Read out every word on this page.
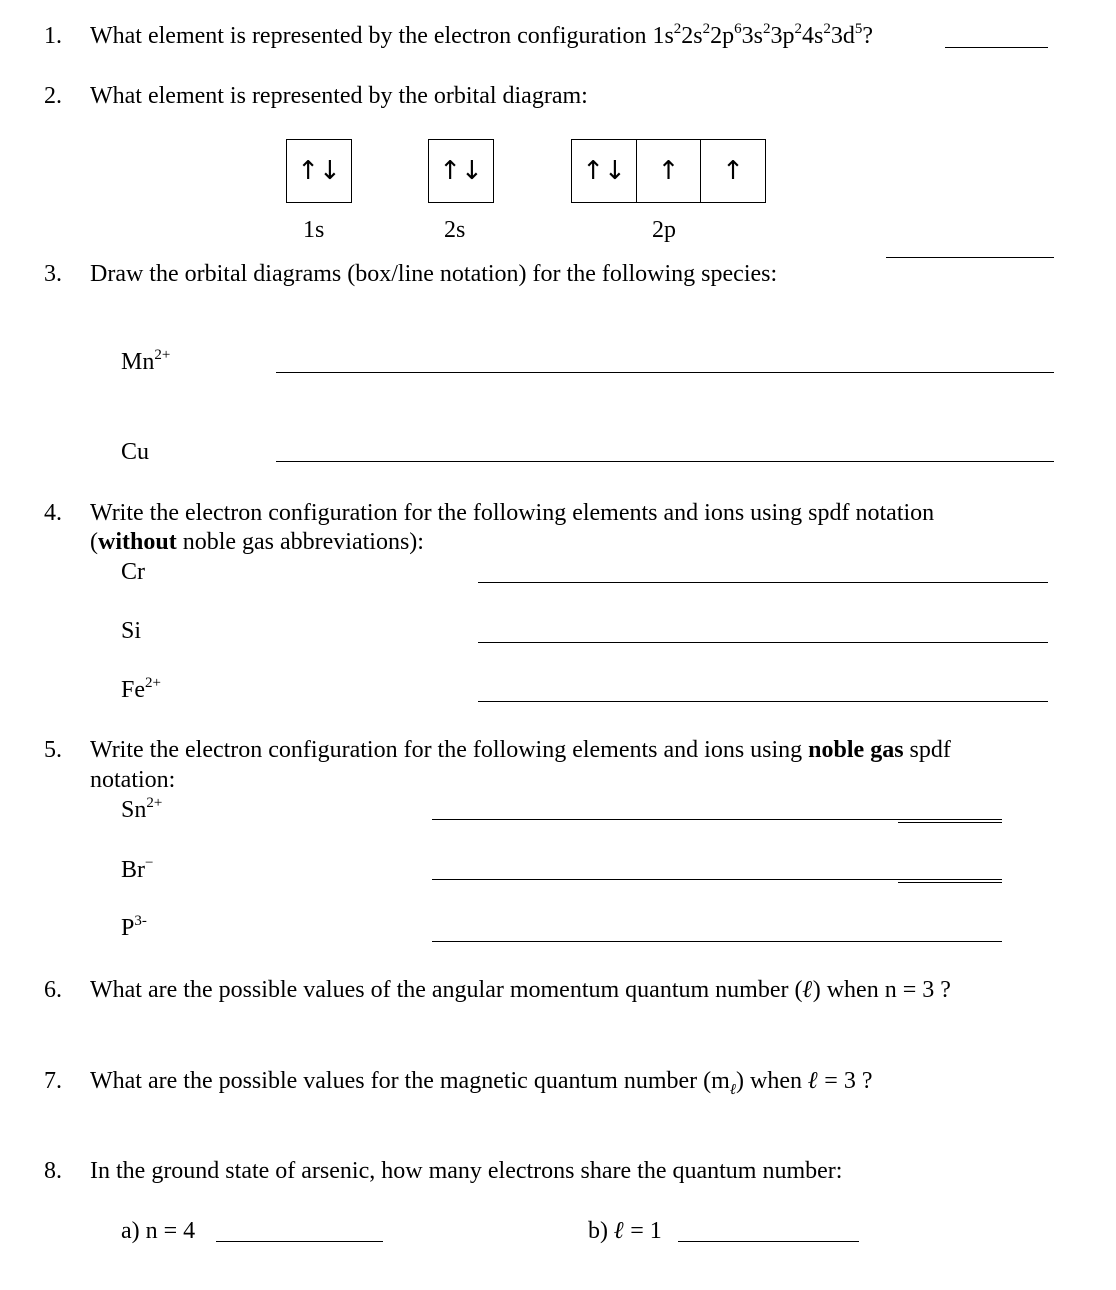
1. What element is represented by the electron configuration $1s^22s^22p^63s^23p^24s^23d^5$?
2. What element is represented by the orbital diagram:
↑↓	↑↓	↑↓	↑	↑
1s	2s	2p
3. Draw the orbital diagrams (box/line notation) for the following species:
$Mn^{2+}$
Cu
4. Write the electron configuration for the following elements and ions using spdf notation
(without noble gas abbreviations):
Cr
Si
$Fe^{2+}$
5. Write the electron configuration for the following elements and ions using noble gas spdf
notation:
$Sn^{2+}$
Br−
$P^{3-}$
6. What are the possible values of the angular momentum quantum number (ℓ) when n = 3 ?
7. What are the possible values for the magnetic quantum number $(m_\ell)$ when ℓ = 3 ?
8. In the ground state of arsenic, how many electrons share the quantum number:
a) n = 4	b) ℓ = 1
